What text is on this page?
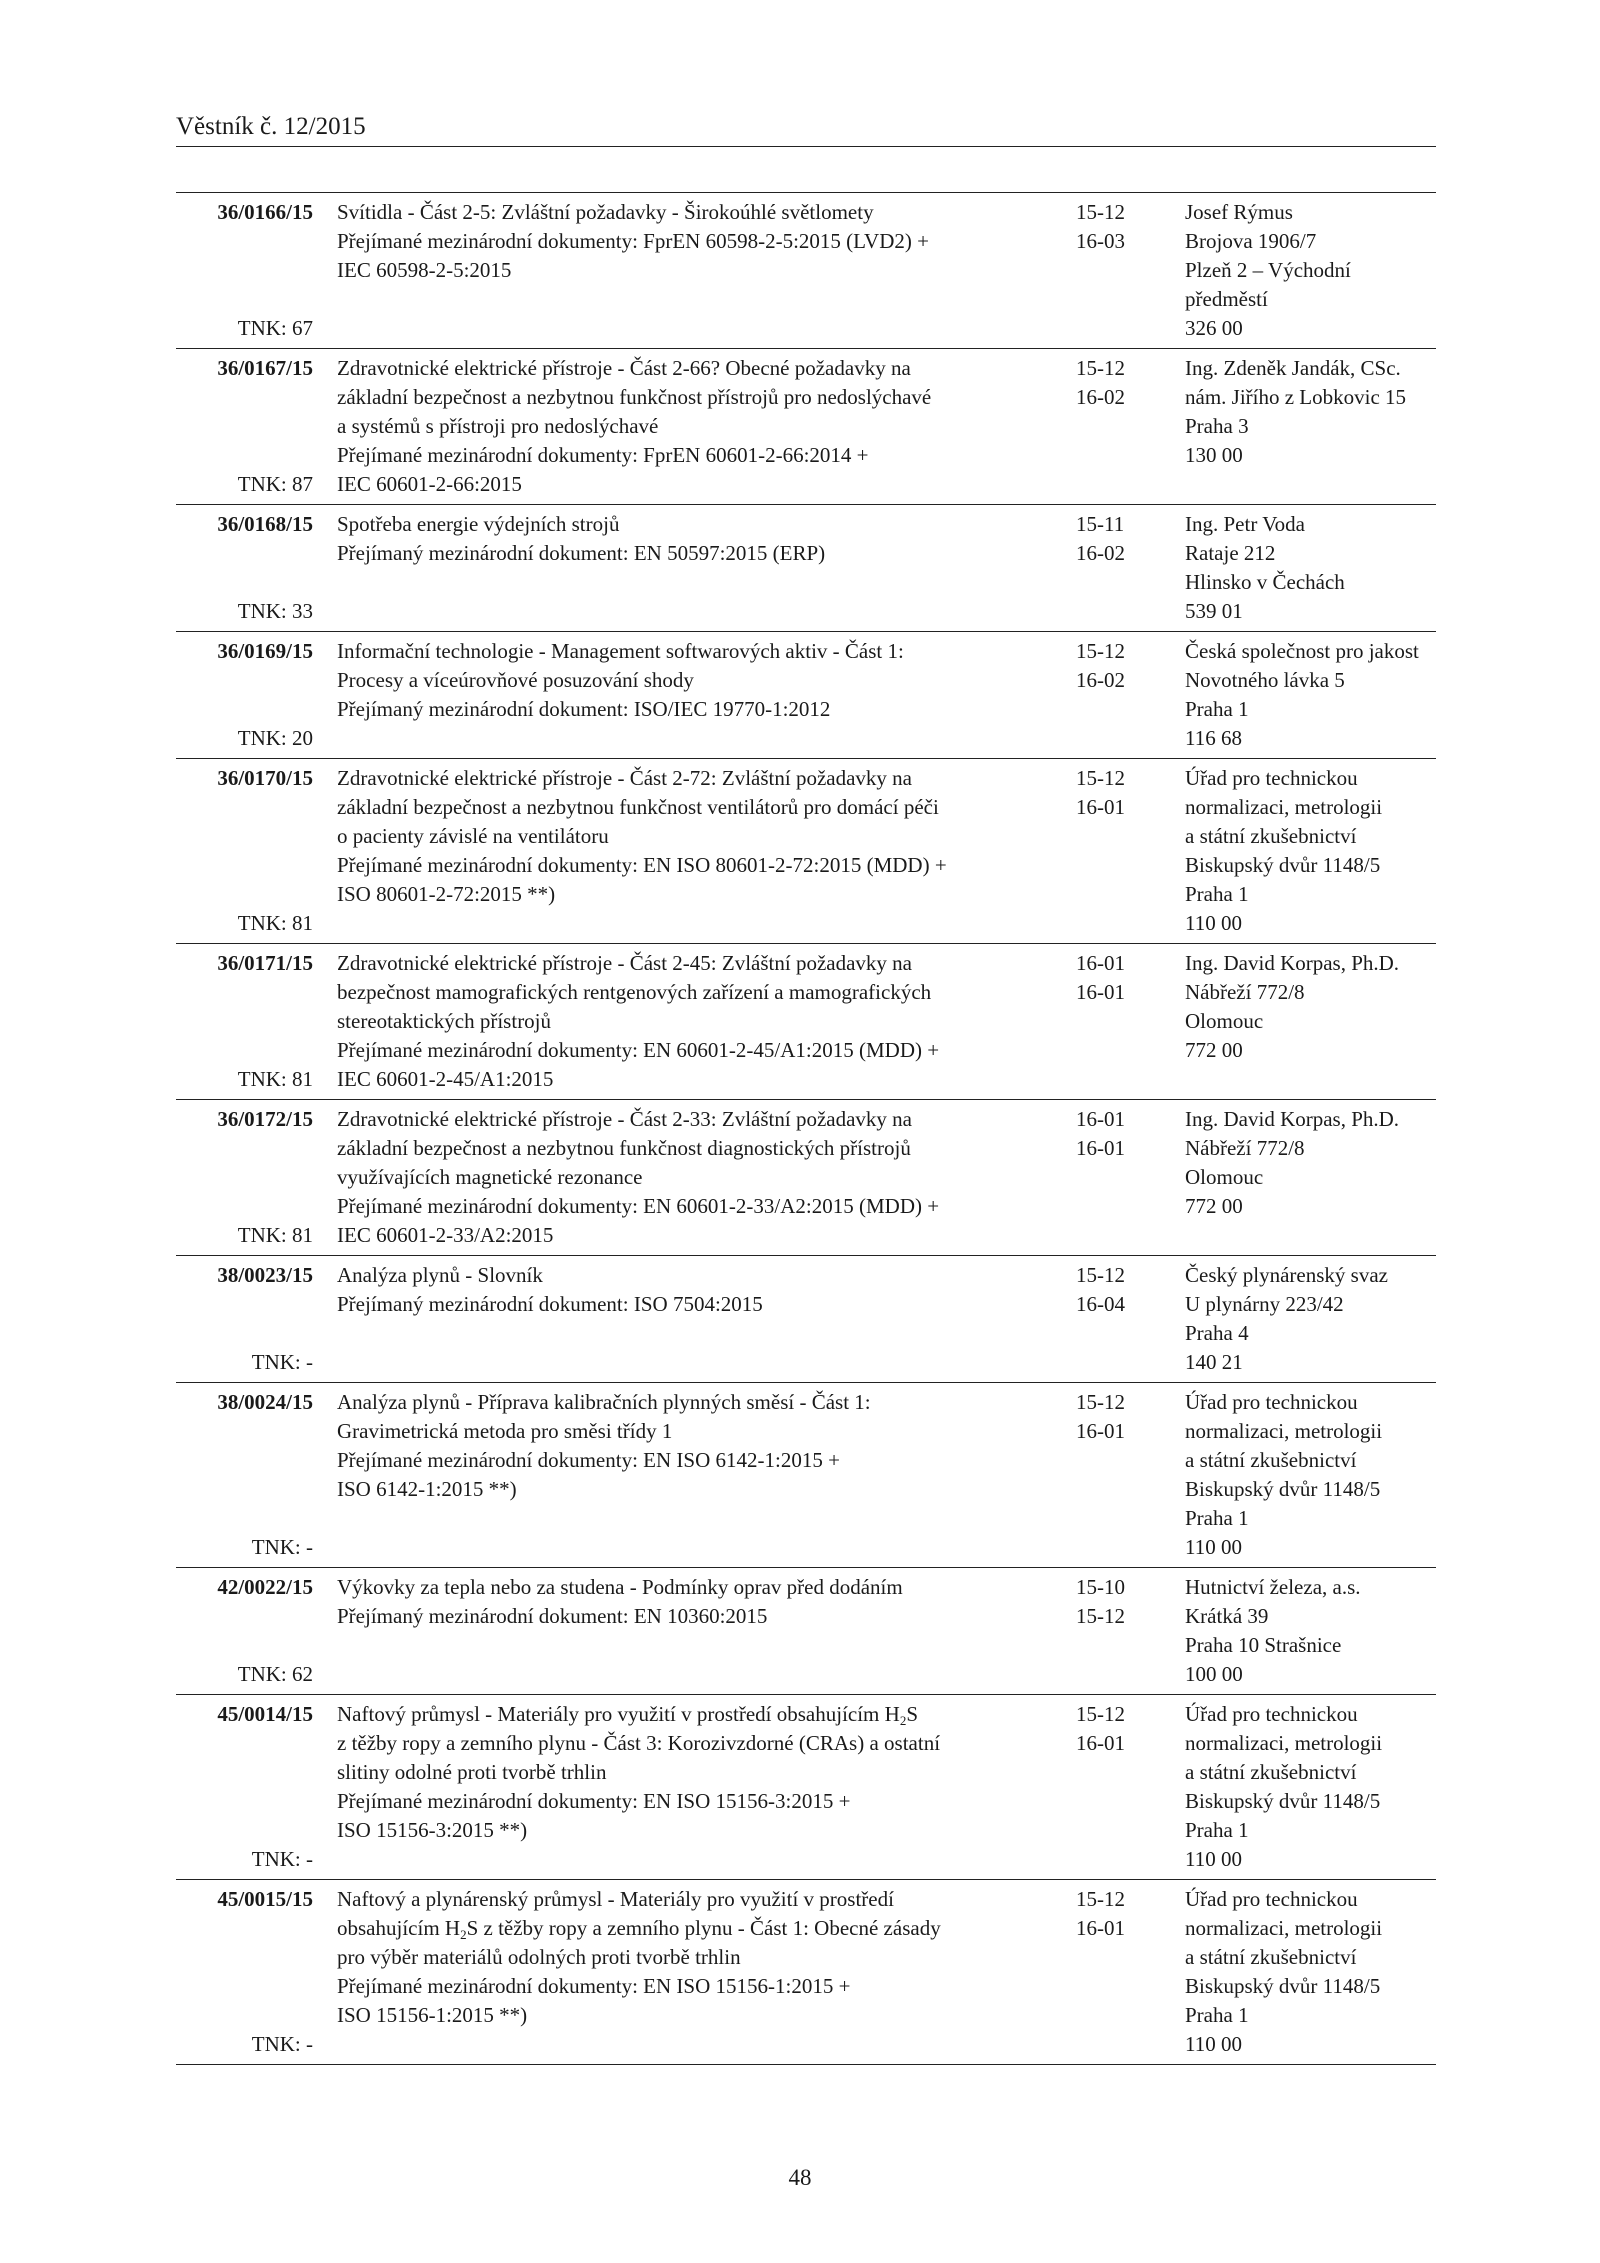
Věstník č. 12/2015
36/0166/15
TNK: 67
Svítidla - Část 2-5: Zvláštní požadavky - Širokoúhlé světlomety
Přejímané mezinárodní dokumenty: FprEN 60598-2-5:2015 (LVD2) +
IEC 60598-2-5:2015
15-12
16-03
Josef Rýmus
Brojova 1906/7
Plzeň 2 – Východní
předměstí
326 00
36/0167/15
TNK: 87
Zdravotnické elektrické přístroje - Část 2-66? Obecné požadavky na
základní bezpečnost a nezbytnou funkčnost přístrojů pro nedoslýchavé
a systémů s přístroji pro nedoslýchavé
Přejímané mezinárodní dokumenty: FprEN 60601-2-66:2014 +
IEC 60601-2-66:2015
15-12
16-02
Ing. Zdeněk Jandák, CSc.
nám. Jiřího z Lobkovic 15
Praha 3
130 00
36/0168/15
TNK: 33
Spotřeba energie výdejních strojů
Přejímaný mezinárodní dokument: EN 50597:2015 (ERP)
15-11
16-02
Ing. Petr Voda
Rataje 212
Hlinsko v Čechách
539 01
36/0169/15
TNK: 20
Informační technologie - Management softwarových aktiv - Část 1:
Procesy a víceúrovňové posuzování shody
Přejímaný mezinárodní dokument: ISO/IEC 19770-1:2012
15-12
16-02
Česká společnost pro jakost
Novotného lávka 5
Praha 1
116 68
36/0170/15
TNK: 81
Zdravotnické elektrické přístroje - Část 2-72: Zvláštní požadavky na
základní bezpečnost a nezbytnou funkčnost ventilátorů pro domácí péči
o pacienty závislé na ventilátoru
Přejímané mezinárodní dokumenty: EN ISO 80601-2-72:2015 (MDD) +
ISO 80601-2-72:2015 **)
15-12
16-01
Úřad pro technickou
normalizaci, metrologii
a státní zkušebnictví
Biskupský dvůr 1148/5
Praha 1
110 00
36/0171/15
TNK: 81
Zdravotnické elektrické přístroje - Část 2-45: Zvláštní požadavky na
bezpečnost mamografických rentgenových zařízení a mamografických
stereotaktických přístrojů
Přejímané mezinárodní dokumenty: EN 60601-2-45/A1:2015 (MDD) +
IEC 60601-2-45/A1:2015
16-01
16-01
Ing. David Korpas, Ph.D.
Nábřeží 772/8
Olomouc
772 00
36/0172/15
TNK: 81
Zdravotnické elektrické přístroje - Část 2-33: Zvláštní požadavky na
základní bezpečnost a nezbytnou funkčnost diagnostických přístrojů
využívajících magnetické rezonance
Přejímané mezinárodní dokumenty: EN 60601-2-33/A2:2015 (MDD) +
IEC 60601-2-33/A2:2015
16-01
16-01
Ing. David Korpas, Ph.D.
Nábřeží 772/8
Olomouc
772 00
38/0023/15
TNK: -
Analýza plynů - Slovník
Přejímaný mezinárodní dokument: ISO 7504:2015
15-12
16-04
Český plynárenský svaz
U plynárny 223/42
Praha 4
140 21
38/0024/15
TNK: -
Analýza plynů - Příprava kalibračních plynných směsí - Část 1:
Gravimetrická metoda pro směsi třídy 1
Přejímané mezinárodní dokumenty: EN ISO 6142-1:2015 +
ISO 6142-1:2015 **)
15-12
16-01
Úřad pro technickou
normalizaci, metrologii
a státní zkušebnictví
Biskupský dvůr 1148/5
Praha 1
110 00
42/0022/15
TNK: 62
Výkovky za tepla nebo za studena - Podmínky oprav před dodáním
Přejímaný mezinárodní dokument: EN 10360:2015
15-10
15-12
Hutnictví železa, a.s.
Krátká 39
Praha 10 Strašnice
100 00
45/0014/15
TNK: -
Naftový průmysl - Materiály pro využití v prostředí obsahujícím $H_2S$
z těžby ropy a zemního plynu - Část 3: Korozivzdorné (CRAs) a ostatní
slitiny odolné proti tvorbě trhlin
Přejímané mezinárodní dokumenty: EN ISO 15156-3:2015 +
ISO 15156-3:2015 **)
15-12
16-01
Úřad pro technickou
normalizaci, metrologii
a státní zkušebnictví
Biskupský dvůr 1148/5
Praha 1
110 00
45/0015/15
TNK: -
Naftový a plynárenský průmysl - Materiály pro využití v prostředí
obsahujícím $H_2S$ z těžby ropy a zemního plynu - Část 1: Obecné zásady
pro výběr materiálů odolných proti tvorbě trhlin
Přejímané mezinárodní dokumenty: EN ISO 15156-1:2015 +
ISO 15156-1:2015 **)
15-12
16-01
Úřad pro technickou
normalizaci, metrologii
a státní zkušebnictví
Biskupský dvůr 1148/5
Praha 1
110 00
48
